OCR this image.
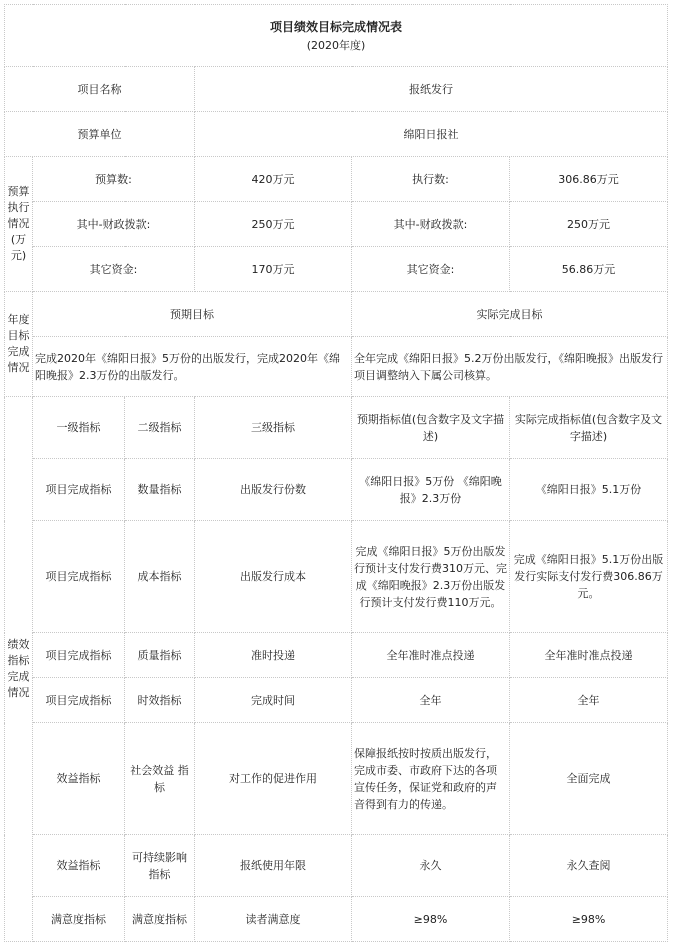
项目绩效目标完成情况表
(2020年度)					

项目名称			报纸发行		
预算单位			绵阳日报社		
预算执行情况(万元)	预算数:		420万元	执行数:	306.86万元
	其中-财政拨款:		250万元	其中-财政拨款:	250万元
	其它资金:		170万元	其它资金:	56.86万元
年度目标完成情况	预期目标			实际完成目标	
	完成2020年《绵阳日报》5万份的出版发行，完成2020年《绵阳晚报》2.3万份的出版发行。			全年完成《绵阳日报》5.2万份出版发行，《绵阳晚报》出版发行项目调整纳入下属公司核算。	
绩效指标完成情况	一级指标	二级指标	三级指标	预期指标值(包含数字及文字描述)	实际完成指标值(包含数字及文字描述)
	项目完成指标	数量指标	出版发行份数	《绵阳日报》5万份 《绵阳晚报》2.3万份	《绵阳日报》5.1万份
	项目完成指标	成本指标	出版发行成本	完成《绵阳日报》5万份出版发行预计支付发行费310万元、完成《绵阳晚报》2.3万份出版发行预计支付发行费110万元。	完成《绵阳日报》5.1万份出版发行实际支付发行费306.86万元。
	项目完成指标	质量指标	准时投递	全年准时准点投递	全年准时准点投递
	项目完成指标	时效指标	完成时间	全年	全年
	效益指标	社会效益 指标	对工作的促进作用	保障报纸按时按质出版发行，完成市委、市政府下达的各项宣传任务，保证党和政府的声音得到有力的传递。	全面完成
	效益指标	可持续影响指标	报纸使用年限	永久	永久查阅
	满意度指标	满意度指标	读者满意度	≥98%	≥98%
